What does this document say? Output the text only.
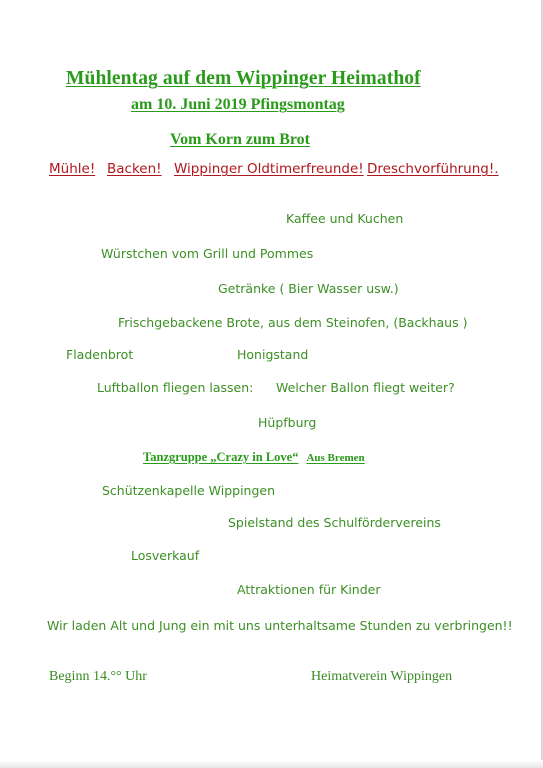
Mühlentag auf dem Wippinger Heimathof
am 10. Juni 2019 Pfingsmontag
Vom Korn zum Brot
Mühle! Backen! Wippinger Oldtimerfreunde! Dreschvorführung!.
Kaffee und Kuchen
Würstchen vom Grill und Pommes
Getränke ( Bier Wasser usw.)
Frischgebackene Brote, aus dem Steinofen, (Backhaus )
Fladenbrot	Honigstand
Luftballon fliegen lassen: Welcher Ballon fliegt weiter?
Hüpfburg
Tanzgruppe „Crazy in Love“ Aus Bremen
Schützenkapelle Wippingen
Spielstand des Schulfördervereins
Losverkauf
Attraktionen für Kinder
Wir laden Alt und Jung ein mit uns unterhaltsame Stunden zu verbringen!!
Beginn 14.°° Uhr	Heimatverein Wippingen
